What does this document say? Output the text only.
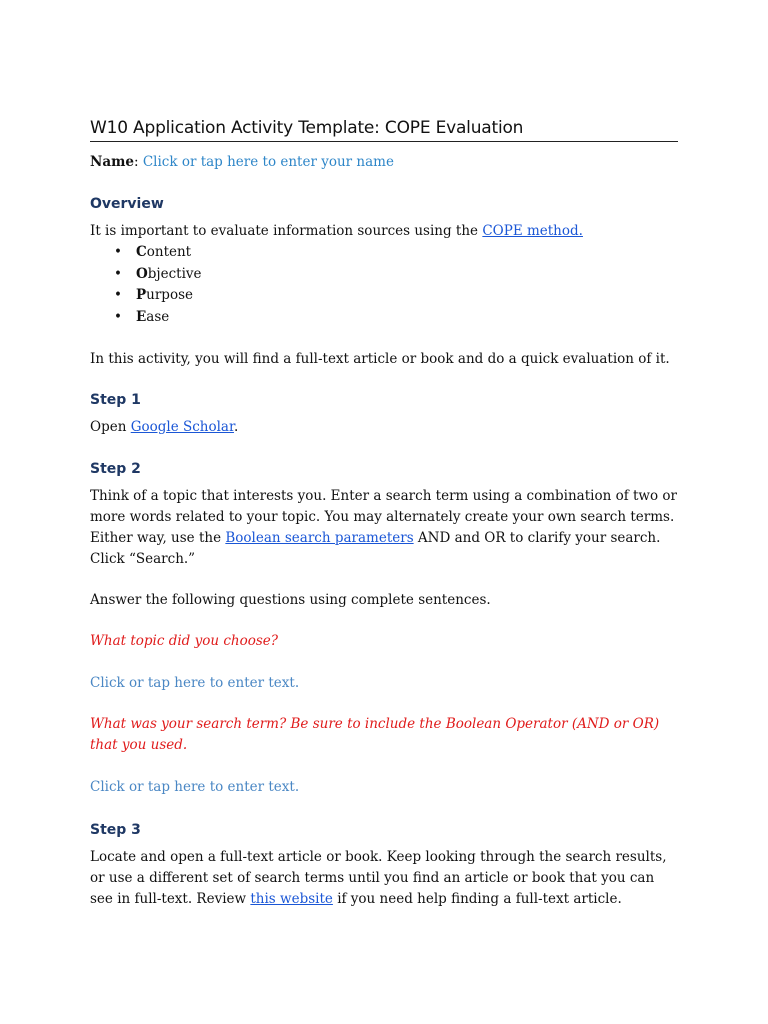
W10 Application Activity Template: COPE Evaluation

Name: Click or tap here to enter your name

Overview

It is important to evaluate information sources using the COPE method.

• Content
• Objective
• Purpose
• Ease

In this activity, you will find a full-text article or book and do a quick evaluation of it.

Step 1

Open Google Scholar.

Step 2

Think of a topic that interests you. Enter a search term using a combination of two or more words related to your topic. You may alternately create your own search terms. Either way, use the Boolean search parameters AND and OR to clarify your search. Click “Search.”

Answer the following questions using complete sentences.

What topic did you choose?

Click or tap here to enter text.

What was your search term? Be sure to include the Boolean Operator (AND or OR) that you used.

Click or tap here to enter text.

Step 3

Locate and open a full-text article or book. Keep looking through the search results, or use a different set of search terms until you find an article or book that you can see in full-text. Review this website if you need help finding a full-text article.
